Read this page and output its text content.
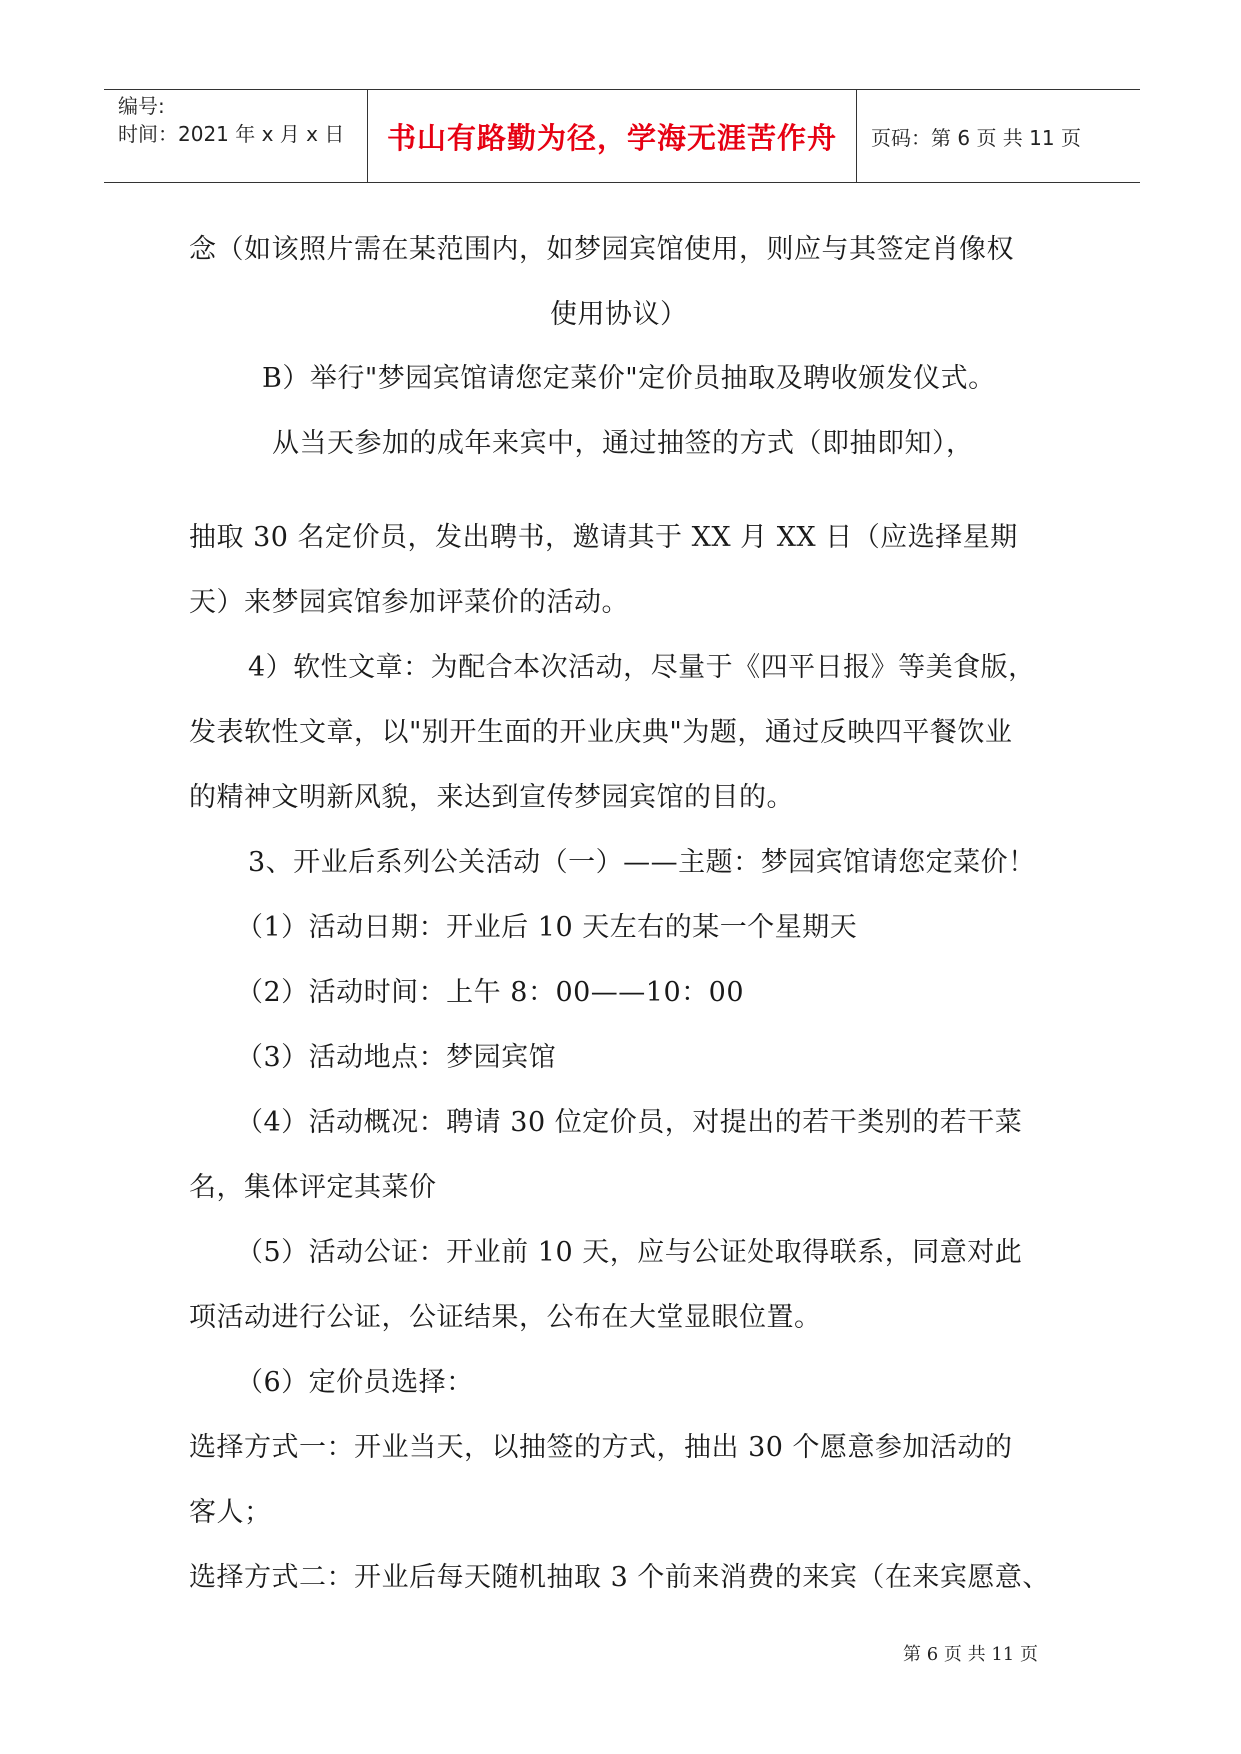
编号:
时间：2021 年 x 月 x 日	书山有路勤为径，学海无涯苦作舟	页码：第 6 页 共 11 页
念（如该照片需在某范围内，如梦园宾馆使用，则应与其签定肖像权
使用协议）
B）举行"梦园宾馆请您定菜价"定价员抽取及聘收颁发仪式。
从当天参加的成年来宾中，通过抽签的方式（即抽即知），
抽取 30 名定价员，发出聘书，邀请其于 XX 月 XX 日（应选择星期
天）来梦园宾馆参加评菜价的活动。
4）软性文章：为配合本次活动，尽量于《四平日报》等美食版，
发表软性文章，以"别开生面的开业庆典"为题，通过反映四平餐饮业
的精神文明新风貌，来达到宣传梦园宾馆的目的。
3、开业后系列公关活动（一）——主题：梦园宾馆请您定菜价！
（1）活动日期：开业后 10 天左右的某一个星期天
（2）活动时间：上午 8：00——10：00
（3）活动地点：梦园宾馆
（4）活动概况：聘请 30 位定价员，对提出的若干类别的若干菜
名，集体评定其菜价
（5）活动公证：开业前 10 天，应与公证处取得联系，同意对此
项活动进行公证，公证结果，公布在大堂显眼位置。
（6）定价员选择：
选择方式一：开业当天，以抽签的方式，抽出 30 个愿意参加活动的
客人；
选择方式二：开业后每天随机抽取 3 个前来消费的来宾（在来宾愿意、
第 6 页 共 11 页
